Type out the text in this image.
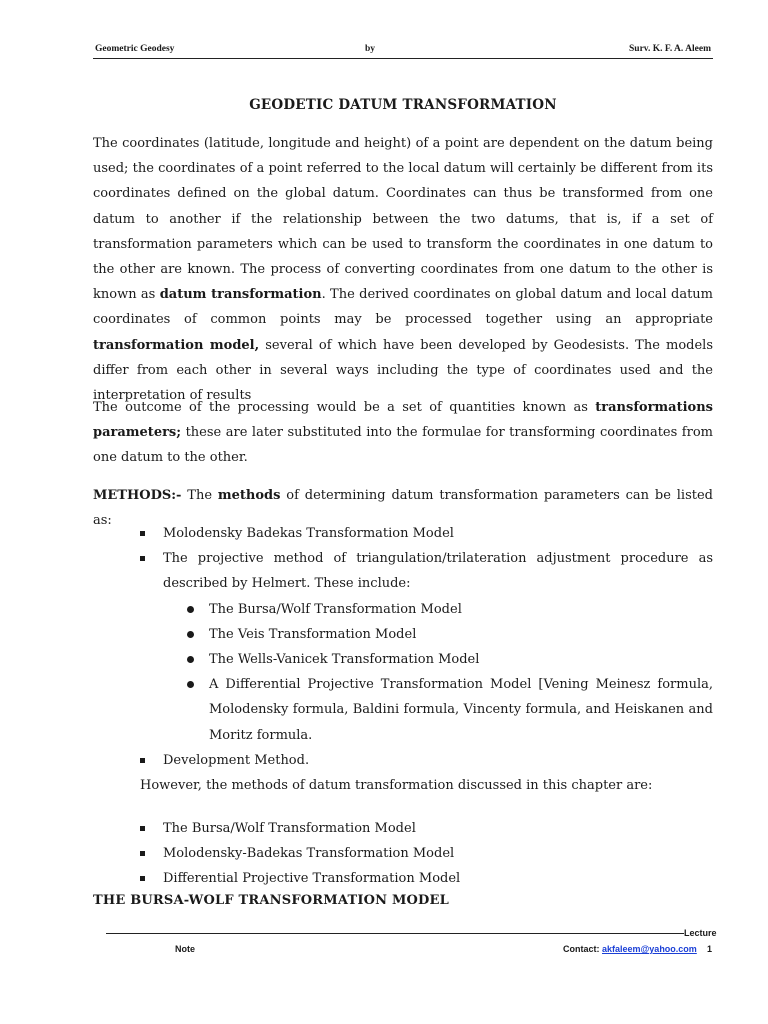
Geometric Geodesy	by	Surv. K. F. A. Aleem
GEODETIC DATUM TRANSFORMATION

The coordinates (latitude, longitude and height) of a point are dependent on the datum being used; the coordinates of a point referred to the local datum will certainly be different from its coordinates defined on the global datum. Coordinates can thus be transformed from one datum to another if the relationship between the two datums, that is, if a set of transformation parameters which can be used to transform the coordinates in one datum to the other are known. The process of converting coordinates from one datum to the other is known as datum transformation. The derived coordinates on global datum and local datum coordinates of common points may be processed together using an appropriate transformation model, several of which have been developed by Geodesists. The models differ from each other in several ways including the type of coordinates used and the interpretation of results

The outcome of the processing would be a set of quantities known as transformations parameters; these are later substituted into the formulae for transforming coordinates from one datum to the other.

METHODS:- The methods of determining datum transformation parameters can be listed as:

Molodensky Badekas Transformation Model
The projective method of triangulation/trilateration adjustment procedure as described by Helmert. These include:
The Bursa/Wolf Transformation Model
The Veis Transformation Model
The Wells-Vanicek Transformation Model
A Differential Projective Transformation Model [Vening Meinesz formula, Molodensky formula, Baldini formula, Vincenty formula, and Heiskanen and Moritz formula.
Development Method.
However, the methods of datum transformation discussed in this chapter are:
The Bursa/Wolf Transformation Model
Molodensky-Badekas Transformation Model
Differential Projective Transformation Model
THE BURSA-WOLF TRANSFORMATION MODEL
Lecture
Note	Contact: akfaleem@yahoo.com 1
